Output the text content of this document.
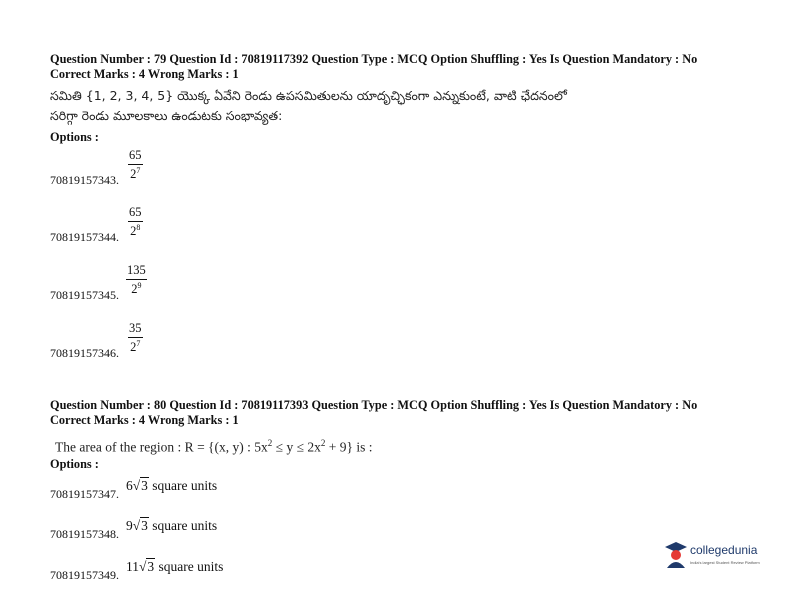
Question Number : 79 Question Id : 70819117392 Question Type : MCQ Option Shuffling : Yes Is Question Mandatory : No
Correct Marks : 4 Wrong Marks : 1
సమితి {1, 2, 3, 4, 5} యొక్క ఏవేని రెండు ఉపసమితులను యాదృచ్ఛికంగా ఎన్నుకుంటే, వాటి ఛేదనంలో
సరిగ్గా రెండు మూలకాలు ఉండుటకు సంభావ్యత:
Options :
70819157343. $\frac{65}{2^7}$
70819157344. $\frac{65}{2^8}$
70819157345. $\frac{135}{2^9}$
70819157346. $\frac{35}{2^7}$
Question Number : 80 Question Id : 70819117393 Question Type : MCQ Option Shuffling : Yes Is Question Mandatory : No
Correct Marks : 4 Wrong Marks : 1
The area of the region : R = {(x, y) : $5x^2 \le y \le 2x^2 + 9$} is :
Options :
70819157347.
6√3 square units
70819157348.
9√3 square units
70819157349.
11√3 square units
collegedunia
India's largest Student Review Platform
